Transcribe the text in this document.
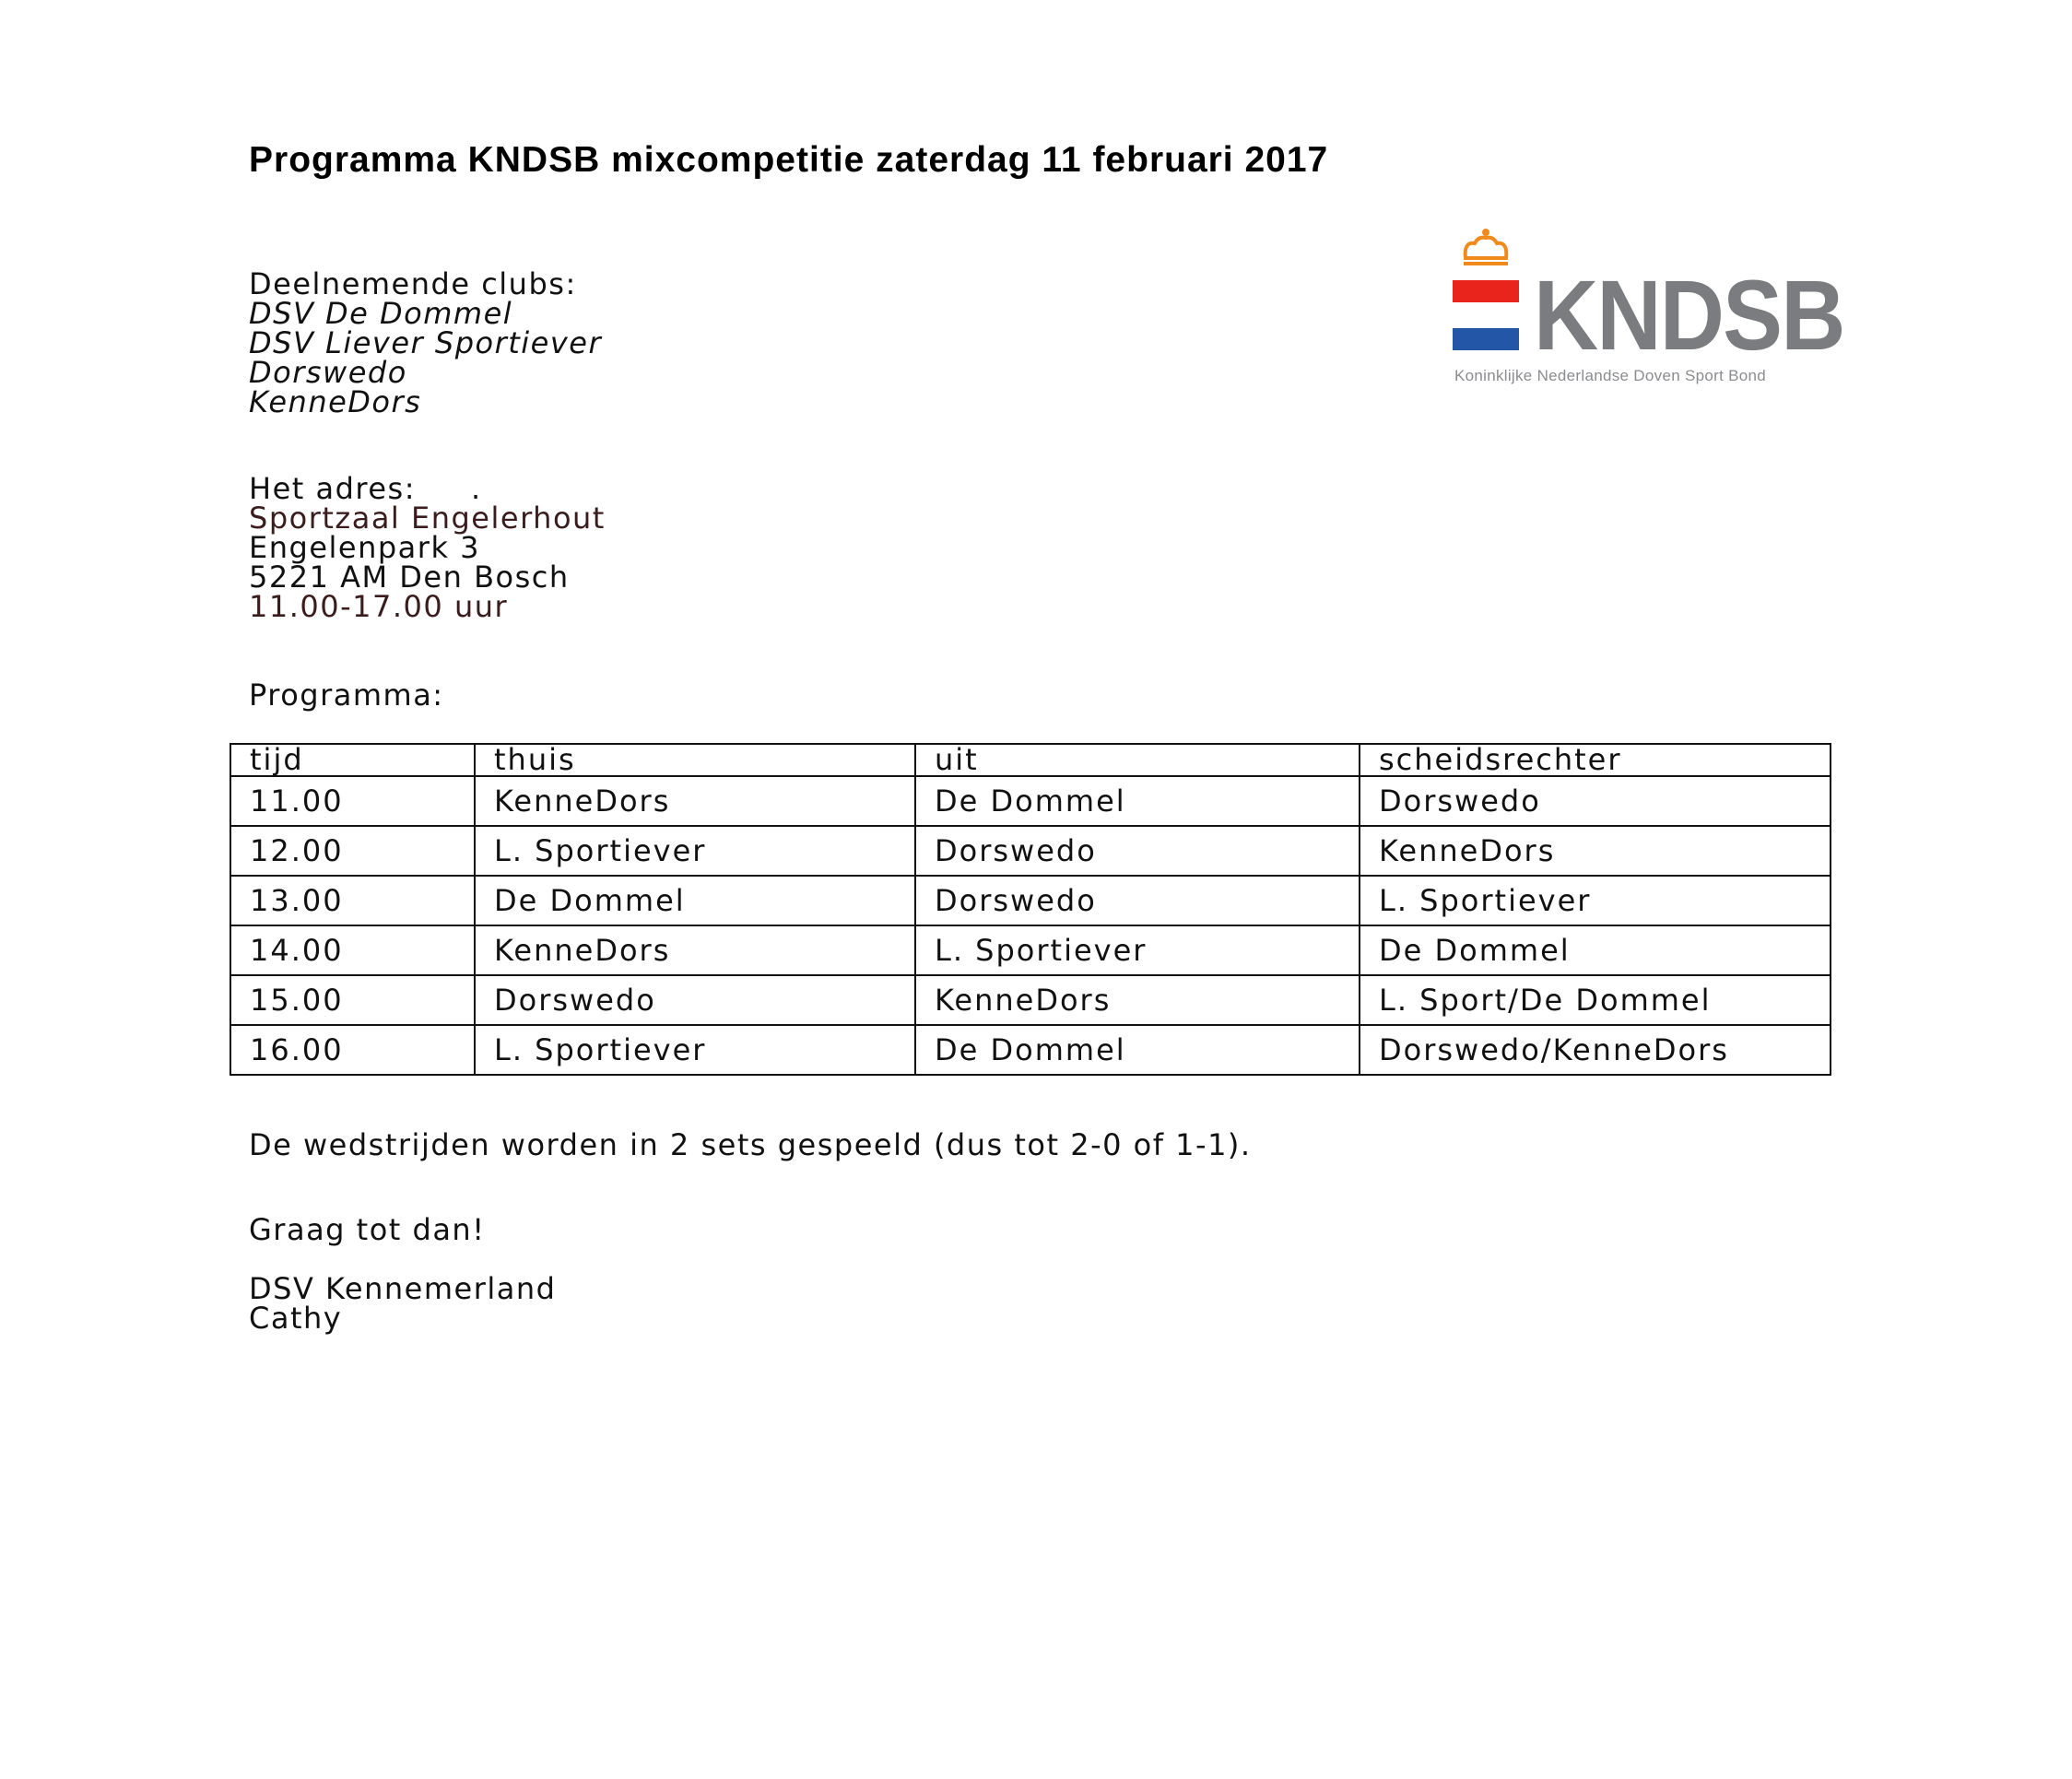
Programma KNDSB mixcompetitie zaterdag 11 februari 2017
KNDSB
Koninklijke Nederlandse Doven Sport Bond
Deelnemende clubs:
DSV De Dommel
DSV Liever Sportiever
Dorswedo
KenneDors
Het adres: .
Sportzaal Engelerhout
Engelenpark 3
5221 AM Den Bosch
11.00-17.00 uur
Programma:
tijd	thuis	uit	scheidsrechter
11.00	KenneDors	De Dommel	Dorswedo
12.00	L. Sportiever	Dorswedo	KenneDors
13.00	De Dommel	Dorswedo	L. Sportiever
14.00	KenneDors	L. Sportiever	De Dommel
15.00	Dorswedo	KenneDors	L. Sport/De Dommel
16.00	L. Sportiever	De Dommel	Dorswedo/KenneDors
De wedstrijden worden in 2 sets gespeeld (dus tot 2-0 of 1-1).
Graag tot dan!
DSV Kennemerland
Cathy
